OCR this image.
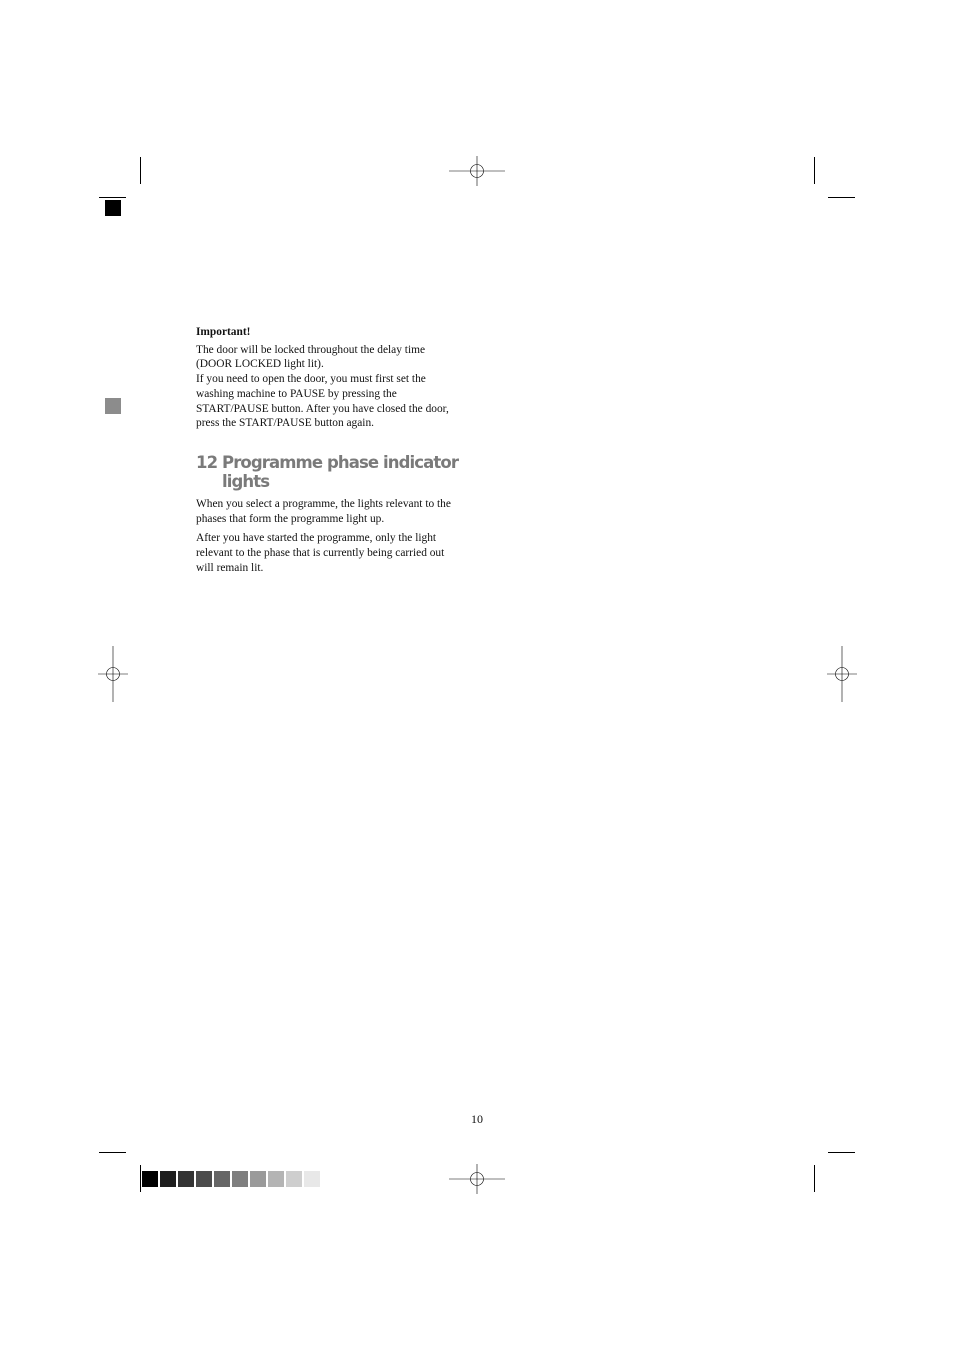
Important!

The door will be locked throughout the delay time

(DOOR LOCKED light lit).

If you need to open the door, you must first set the

washing machine to PAUSE by pressing the

START/PAUSE button. After you have closed the door,

press the START/PAUSE button again.

12 Programme phase indicator lights

When you select a programme, the lights relevant to the

phases that form the programme light up.

After you have started the programme, only the light

relevant to the phase that is currently being carried out

will remain lit.

10
